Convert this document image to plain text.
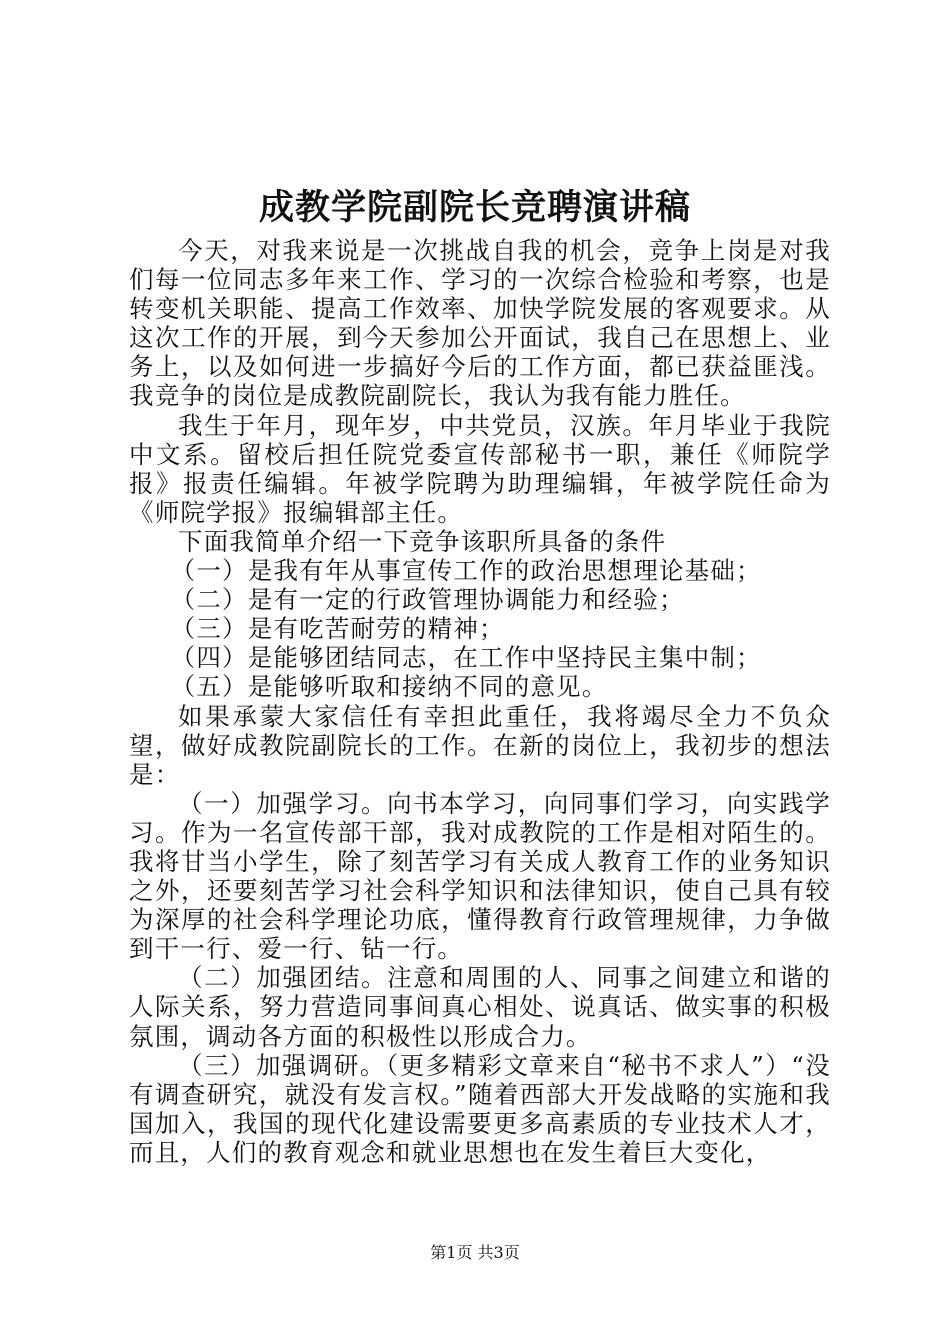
成教学院副院长竞聘演讲稿

今天，对我来说是一次挑战自我的机会，竞争上岗是对我们每一位同志多年来工作、学习的一次综合检验和考察，也是转变机关职能、提高工作效率、加快学院发展的客观要求。从这次工作的开展，到今天参加公开面试，我自己在思想上、业务上，以及如何进一步搞好今后的工作方面，都已获益匪浅。我竞争的岗位是成教院副院长，我认为我有能力胜任。

我生于年月，现年岁，中共党员，汉族。年月毕业于我院中文系。留校后担任院党委宣传部秘书一职，兼任《师院学报》报责任编辑。年被学院聘为助理编辑，年被学院任命为《师院学报》报编辑部主任。

下面我简单介绍一下竞争该职所具备的条件

（一）是我有年从事宣传工作的政治思想理论基础；

（二）是有一定的行政管理协调能力和经验；

（三）是有吃苦耐劳的精神；

（四）是能够团结同志，在工作中坚持民主集中制；

（五）是能够听取和接纳不同的意见。

如果承蒙大家信任有幸担此重任，我将竭尽全力不负众望，做好成教院副院长的工作。在新的岗位上，我初步的想法是：

（一）加强学习。向书本学习，向同事们学习，向实践学习。作为一名宣传部干部，我对成教院的工作是相对陌生的。我将甘当小学生，除了刻苦学习有关成人教育工作的业务知识之外，还要刻苦学习社会科学知识和法律知识，使自己具有较为深厚的社会科学理论功底，懂得教育行政管理规律，力争做到干一行、爱一行、钻一行。

（二）加强团结。注意和周围的人、同事之间建立和谐的人际关系，努力营造同事间真心相处、说真话、做实事的积极氛围，调动各方面的积极性以形成合力。

（三）加强调研。（更多精彩文章来自“秘书不求人”）“没有调查研究，就没有发言权。”随着西部大开发战略的实施和我国加入，我国的现代化建设需要更多高素质的专业技术人才，而且，人们的教育观念和就业思想也在发生着巨大变化，

第1页 共3页
